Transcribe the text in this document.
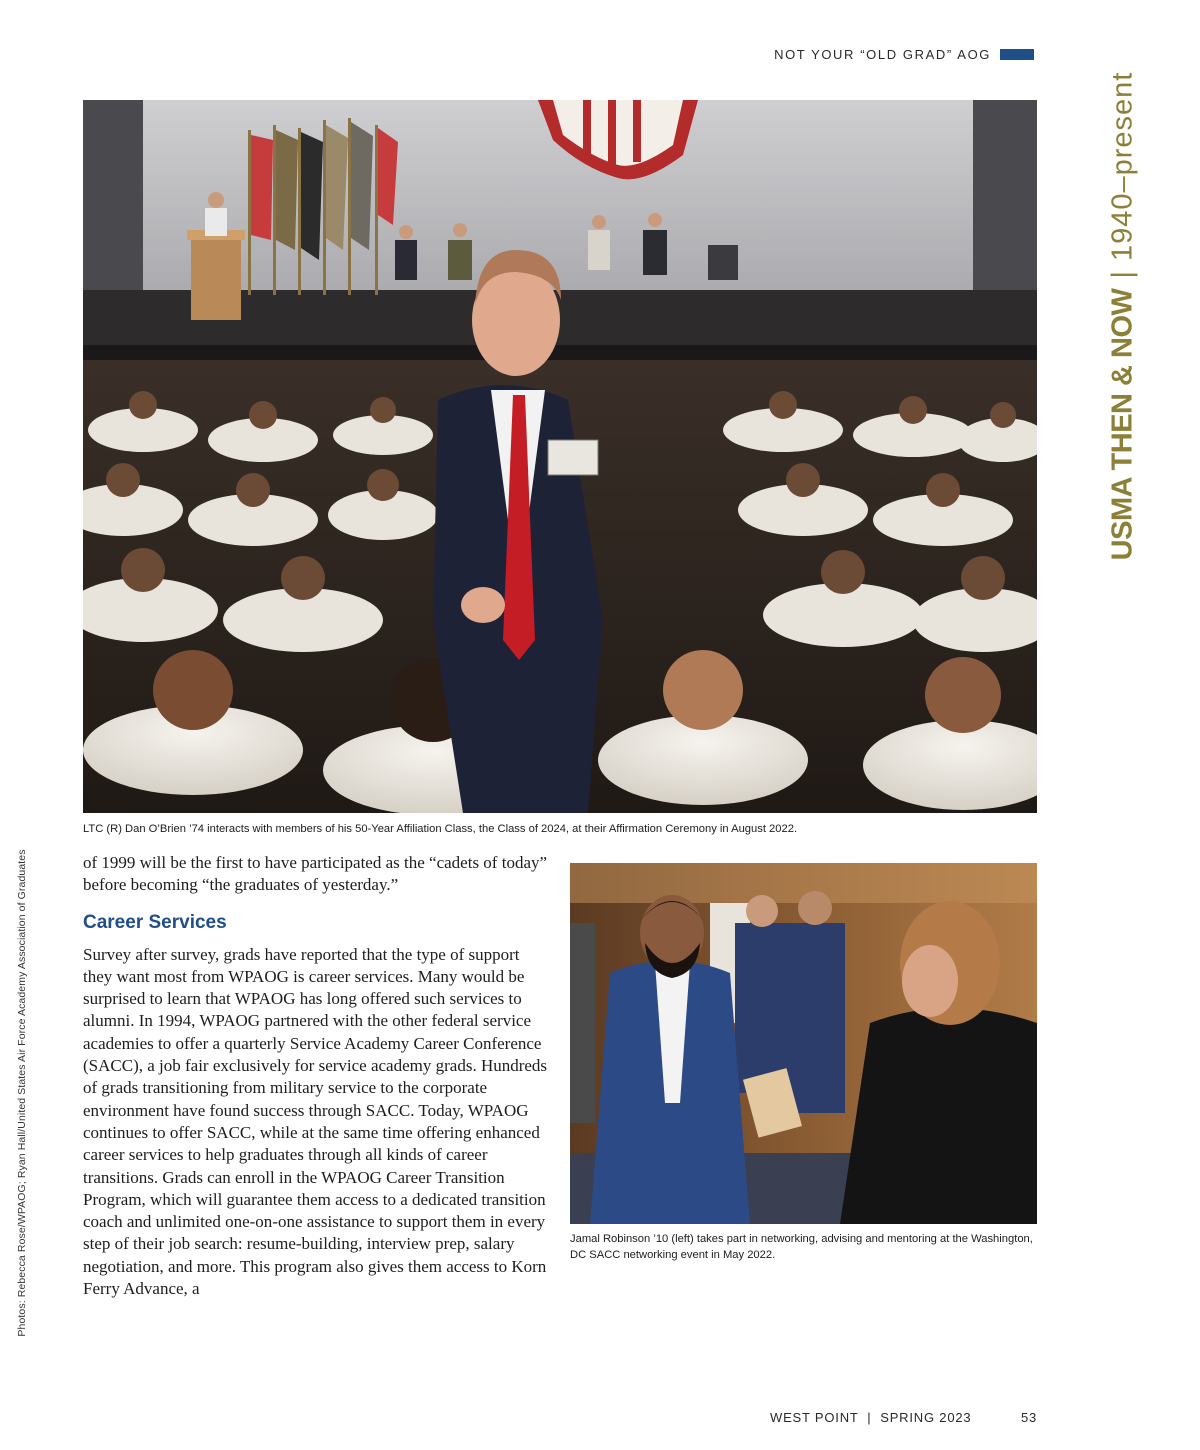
NOT YOUR “OLD GRAD” AOG
USMA THEN & NOW
|
1940–present
Photos: Rebecca Rose/WPAOG; Ryan Hall/United States Air Force Academy Association of Graduates
LTC (R) Dan O’Brien ’74 interacts with members of his 50-Year Affiliation Class, the Class of 2024, at their Affirmation Ceremony in August 2022.

of 1999 will be the first to have participated as the “cadets of today” before becoming “the graduates of yesterday.”

Career Services

Survey after survey, grads have reported that the type of support they want most from WPAOG is career services. Many would be surprised to learn that WPAOG has long offered such services to alumni. In 1994, WPAOG partnered with the other federal service academies to offer a quarterly Service Academy Career Conference (SACC), a job fair exclusively for service academy grads. Hundreds of grads transitioning from military service to the corporate environment have found success through SACC. Today, WPAOG continues to offer SACC, while at the same time offering enhanced career services to help graduates through all kinds of career transitions. Grads can enroll in the WPAOG Career Transition Program, which will guarantee them access to a dedicated transition coach and unlimited one-on-one assistance to support them in every step of their job search: resume-building, interview prep, salary negotiation, and more. This program also gives them access to Korn Ferry Advance, a

Jamal Robinson ’10 (left) takes part in networking, advising and mentoring at the Washington, DC SACC networking event in May 2022.
WEST POINT  |  SPRING 2023	53
